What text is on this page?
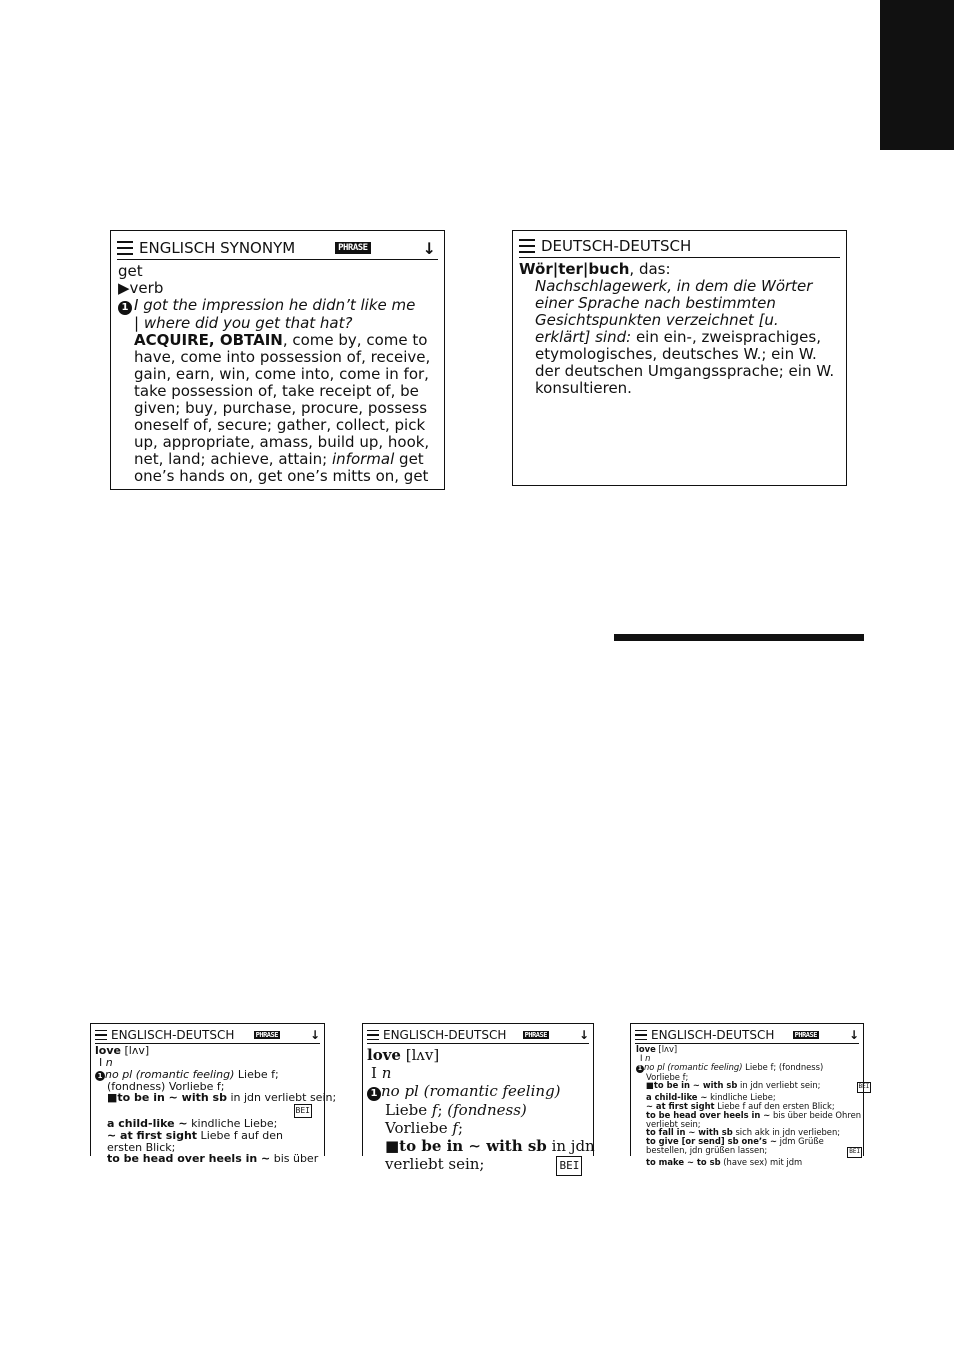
ENGLISCH SYNONYM	PHRASE	↓
get
▶verb
1 I got the impression he didn’t like me
| where did you get that hat?
ACQUIRE, OBTAIN, come by, come to
have, come into possession of, receive,
gain, earn, win, come into, come in for,
take possession of, take receipt of, be
given; buy, purchase, procure, possess
oneself of, secure; gather, collect, pick
up, appropriate, amass, build up, hook,
net, land; achieve, attain; informal get
one’s hands on, get one’s mitts on, get
DEUTSCH-DEUTSCH
Wör|ter|buch, das:
Nachschlagewerk, in dem die Wörter
einer Sprache nach bestimmten
Gesichtspunkten verzeichnet [u.
erklärt] sind: ein ein-, zweisprachiges,
etymologisches, deutsches W.; ein W.
der deutschen Umgangssprache; ein W.
konsultieren.
ENGLISCH-DEUTSCH	PHRASE	↓
love [lʌv]
I n
1 no pl (romantic feeling) Liebe f;
(fondness) Vorliebe f;
■to be in ∼ with sb in jdn verliebt sein;
BEI
a child-like ∼ kindliche Liebe;
∼ at first sight Liebe f auf den
ersten Blick;
to be head over heels in ∼ bis über
ENGLISCH-DEUTSCH	PHRASE	↓
love [lʌv]
I n
1 no pl (romantic feeling)
Liebe f; (fondness)
Vorliebe f;
■to be in ∼ with sb in jdn
verliebt sein;	BEI
ENGLISCH-DEUTSCH	PHRASE	↓
love [lʌv]
I n
1 no pl (romantic feeling) Liebe f; (fondness)
Vorliebe f;
■to be in ∼ with sb in jdn verliebt sein;	BEI
a child-like ∼ kindliche Liebe;
∼ at first sight Liebe f auf den ersten Blick;
to be head over heels in ∼ bis über beide Ohren
verliebt sein;
to fall in ∼ with sb sich akk in jdn verlieben;
to give [or send] sb one’s ∼ jdm Grüße
bestellen, jdn grüßen lassen;	BEI
to make ∼ to sb (have sex) mit jdm
